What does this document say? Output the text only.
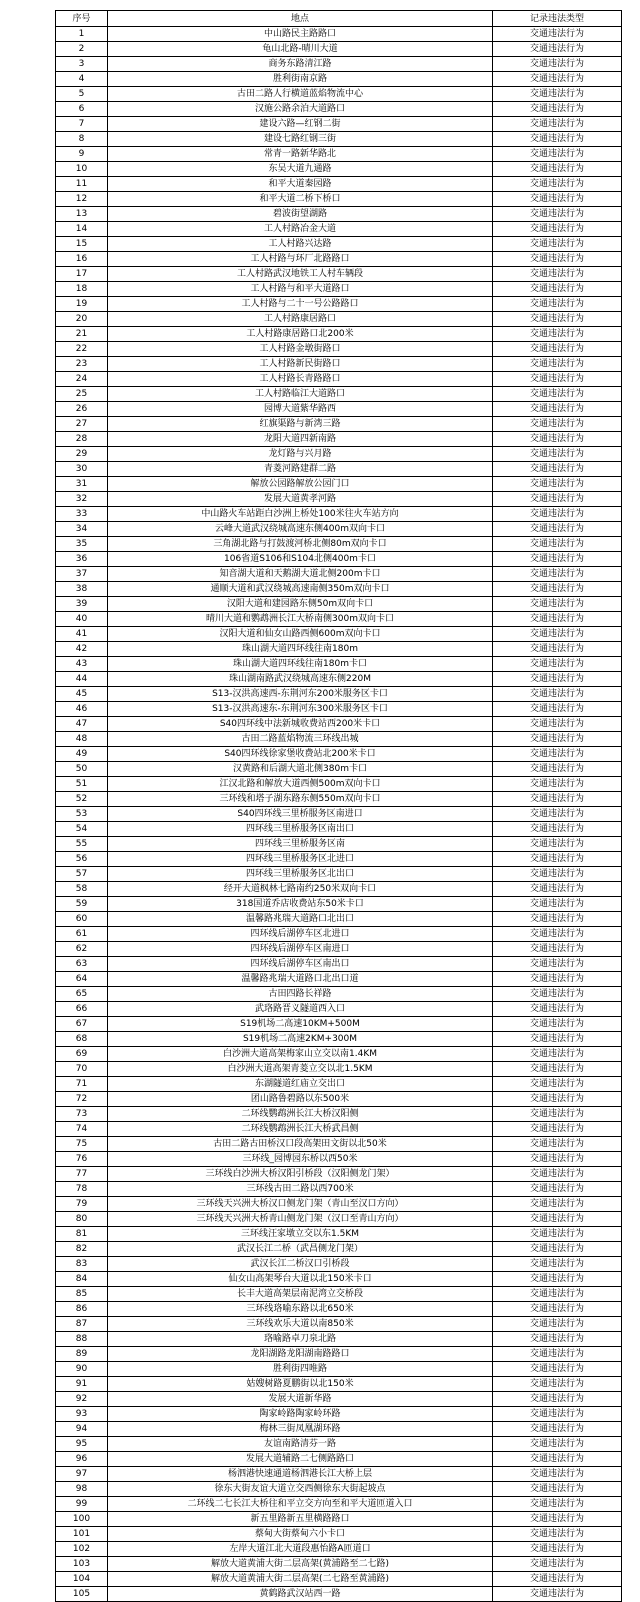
序号	地点	记录违法类型
1	中山路民主路路口	交通违法行为
2	龟山北路-晴川大道	交通违法行为
3	商务东路清江路	交通违法行为
4	胜利街南京路	交通违法行为
5	古田二路人行横道蓝焰物流中心	交通违法行为
6	汉施公路余泊大道路口	交通违法行为
7	建设六路—红钢二街	交通违法行为
8	建设七路红钢三街	交通违法行为
9	常青一路新华路北	交通违法行为
10	东吴大道九通路	交通违法行为
11	和平大道秦园路	交通违法行为
12	和平大道二桥下桥口	交通违法行为
13	碧波街望湖路	交通违法行为
14	工人村路冶金大道	交通违法行为
15	工人村路兴达路	交通违法行为
16	工人村路与环厂北路路口	交通违法行为
17	工人村路武汉地铁工人村车辆段	交通违法行为
18	工人村路与和平大道路口	交通违法行为
19	工人村路与二十一号公路路口	交通违法行为
20	工人村路康居路口	交通违法行为
21	工人村路康居路口北200米	交通违法行为
22	工人村路金墩街路口	交通违法行为
23	工人村路新民街路口	交通违法行为
24	工人村路长青路路口	交通违法行为
25	工人村路临江大道路口	交通违法行为
26	园博大道紫华路西	交通违法行为
27	红旗渠路与新湾三路	交通违法行为
28	龙阳大道四新南路	交通违法行为
29	龙灯路与兴月路	交通违法行为
30	青菱河路建群二路	交通违法行为
31	解放公园路解放公园门口	交通违法行为
32	发展大道黄孝河路	交通违法行为
33	中山路火车站距白沙洲上桥处100米往火车站方向	交通违法行为
34	云峰大道武汉绕城高速东侧400m双向卡口	交通违法行为
35	三角湖北路与打鼓渡河桥北侧80m双向卡口	交通违法行为
36	106省道S106和S104北侧400m卡口	交通违法行为
37	知音湖大道和天鹅湖大道北侧200m卡口	交通违法行为
38	通顺大道和武汉绕城高速南侧350m双向卡口	交通违法行为
39	汉阳大道和建园路东侧50m双向卡口	交通违法行为
40	晴川大道和鹦鹉洲长江大桥南侧300m双向卡口	交通违法行为
41	汉阳大道和仙女山路西侧600m双向卡口	交通违法行为
42	珠山湖大道四环线往南180m	交通违法行为
43	珠山湖大道四环线往南180m卡口	交通违法行为
44	珠山湖南路武汉绕城高速东侧220M	交通违法行为
45	S13-汉洪高速西-东荆河东200米服务区卡口	交通违法行为
46	S13-汉洪高速东-东荆河东300米服务区卡口	交通违法行为
47	S40四环线中法新城收费站西200米卡口	交通违法行为
48	古田二路蓝焰物流三环线出城	交通违法行为
49	S40四环线徐家堡收费站北200米卡口	交通违法行为
50	汉黄路和后湖大道北侧380m卡口	交通违法行为
51	江汉北路和解放大道西侧500m双向卡口	交通违法行为
52	三环线和塔子湖东路东侧550m双向卡口	交通违法行为
53	S40四环线三里桥服务区南进口	交通违法行为
54	四环线三里桥服务区南出口	交通违法行为
55	四环线三里桥服务区南	交通违法行为
56	四环线三里桥服务区北进口	交通违法行为
57	四环线三里桥服务区北出口	交通违法行为
58	经开大道枫林七路南约250米双向卡口	交通违法行为
59	318国道乔店收费站东50米卡口	交通违法行为
60	温馨路兆瑞大道路口北出口	交通违法行为
61	四环线后湖停车区北进口	交通违法行为
62	四环线后湖停车区南进口	交通违法行为
63	四环线后湖停车区南出口	交通违法行为
64	温馨路兆瑞大道路口北出口道	交通违法行为
65	古田四路长祥路	交通违法行为
66	武珞路晋义隧道西入口	交通违法行为
67	S19机场二高速10KM+500M	交通违法行为
68	S19机场二高速2KM+300M	交通违法行为
69	白沙洲大道高架梅家山立交以南1.4KM	交通违法行为
70	白沙洲大道高架青菱立交以北1.5KM	交通违法行为
71	东湖隧道红庙立交出口	交通违法行为
72	团山路鲁碧路以东500米	交通违法行为
73	二环线鹦鹉洲长江大桥汉阳侧	交通违法行为
74	二环线鹦鹉洲长江大桥武昌侧	交通违法行为
75	古田二路古田桥汉口段高架田文街以北50米	交通违法行为
76	三环线_园博园东桥以西50米	交通违法行为
77	三环线白沙洲大桥汉阳引桥段（汉阳侧龙门架）	交通违法行为
78	三环线古田二路以西700米	交通违法行为
79	三环线天兴洲大桥汉口侧龙门架（青山至汉口方向）	交通违法行为
80	三环线天兴洲大桥青山侧龙门架（汉口至青山方向）	交通违法行为
81	三环线汪家墩立交以东1.5KM	交通违法行为
82	武汉长江二桥（武昌侧龙门架）	交通违法行为
83	武汉长江二桥汉口引桥段	交通违法行为
84	仙女山高架琴台大道以北150米卡口	交通违法行为
85	长丰大道高架层南泥湾立交桥段	交通违法行为
86	三环线珞喻东路以北650米	交通违法行为
87	三环线欢乐大道以南850米	交通违法行为
88	珞喻路卓刀泉北路	交通违法行为
89	龙阳湖路龙阳湖南路路口	交通违法行为
90	胜利街四唯路	交通违法行为
91	姑嫂树路夏鹏街以北150米	交通违法行为
92	发展大道新华路	交通违法行为
93	陶家岭路陶家岭环路	交通违法行为
94	梅林三街凤凰湖环路	交通违法行为
95	友谊南路清芬一路	交通违法行为
96	发展大道辅路二七侧路路口	交通违法行为
97	杨泗港快速通道杨泗港长江大桥上层	交通违法行为
98	徐东大街友谊大道立交西侧徐东大街起坡点	交通违法行为
99	二环线二七长江大桥往和平立交方向至和平大道匝道入口	交通违法行为
100	新五里路新五里横路路口	交通违法行为
101	蔡甸大街蔡甸六小卡口	交通违法行为
102	左岸大道江北大道段惠怡路A匝道口	交通违法行为
103	解放大道黄浦大街二层高架(黄浦路至二七路)	交通违法行为
104	解放大道黄浦大街二层高架(二七路至黄浦路)	交通违法行为
105	黄鹤路武汉站西一路	交通违法行为
